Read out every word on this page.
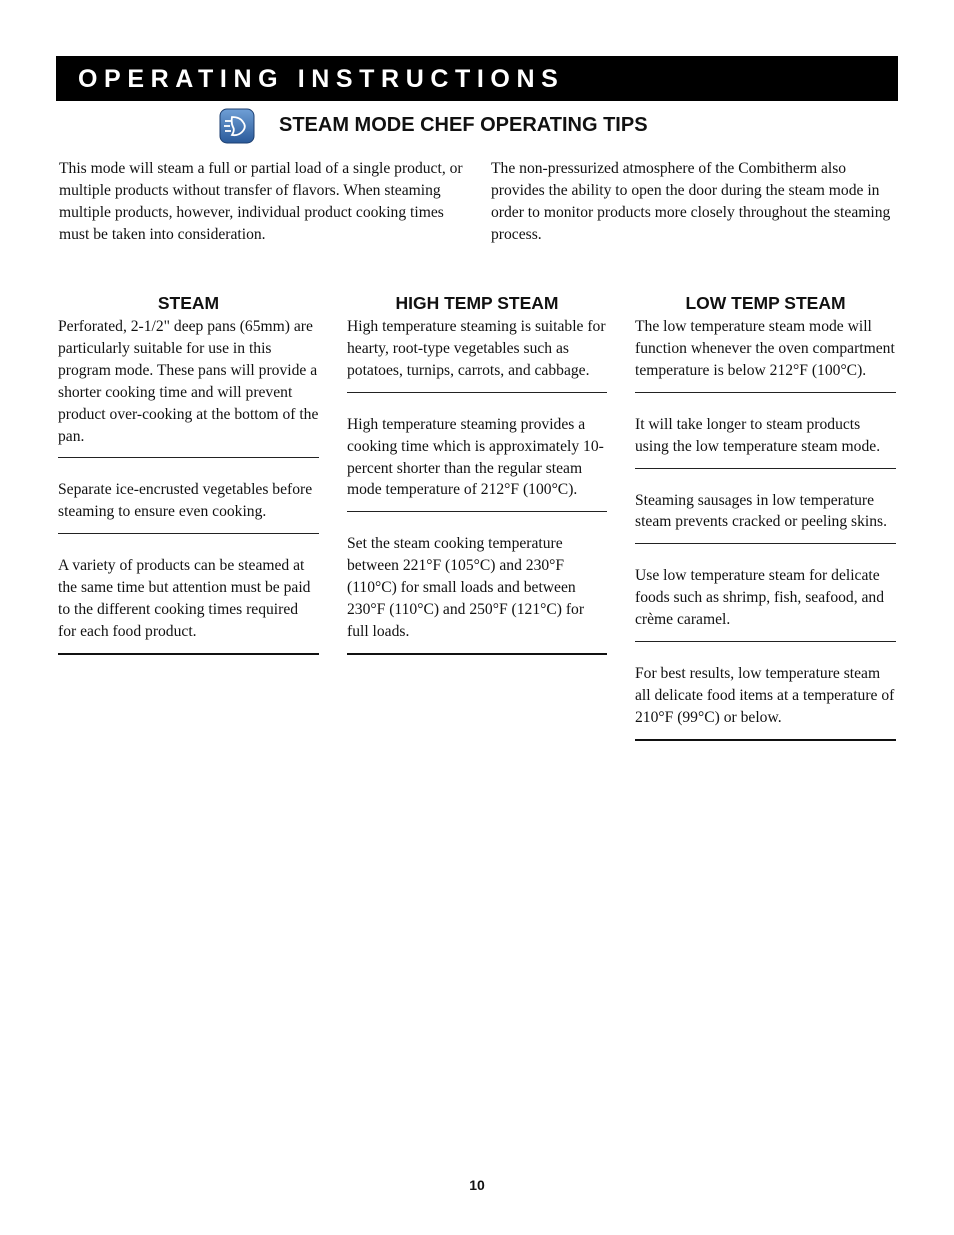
OPERATING INSTRUCTIONS
STEAM MODE CHEF OPERATING TIPS

This mode will steam a full or partial load of a single product, or multiple products without transfer of flavors. When steaming multiple products, however, individual product cooking times must be taken into consideration.

The non-pressurized atmosphere of the Combitherm also provides the ability to open the door during the steam mode in order to monitor products more closely throughout the steaming process.

STEAM

Perforated, 2-1/2" deep pans (65mm) are particularly suitable for use in this program mode. These pans will provide a shorter cooking time and will prevent product over-cooking at the bottom of the pan.

Separate ice-encrusted vegetables before steaming to ensure even cooking.

A variety of products can be steamed at the same time but attention must be paid to the different cooking times required for each food product.

HIGH TEMP STEAM

High temperature steaming is suitable for hearty, root-type vegetables such as potatoes, turnips, carrots, and cabbage.

High temperature steaming provides a cooking time which is approximately 10-percent shorter than the regular steam mode temperature of 212°F (100°C).

Set the steam cooking temperature between 221°F (105°C) and 230°F (110°C) for small loads and between 230°F (110°C) and 250°F (121°C) for full loads.

LOW TEMP STEAM

The low temperature steam mode will function whenever the oven compartment temperature is below 212°F (100°C).

It will take longer to steam products using the low temperature steam mode.

Steaming sausages in low temperature steam prevents cracked or peeling skins.

Use low temperature steam for delicate foods such as shrimp, fish, seafood, and crème caramel.

For best results, low temperature steam all delicate food items at a temperature of 210°F (99°C) or below.

10
